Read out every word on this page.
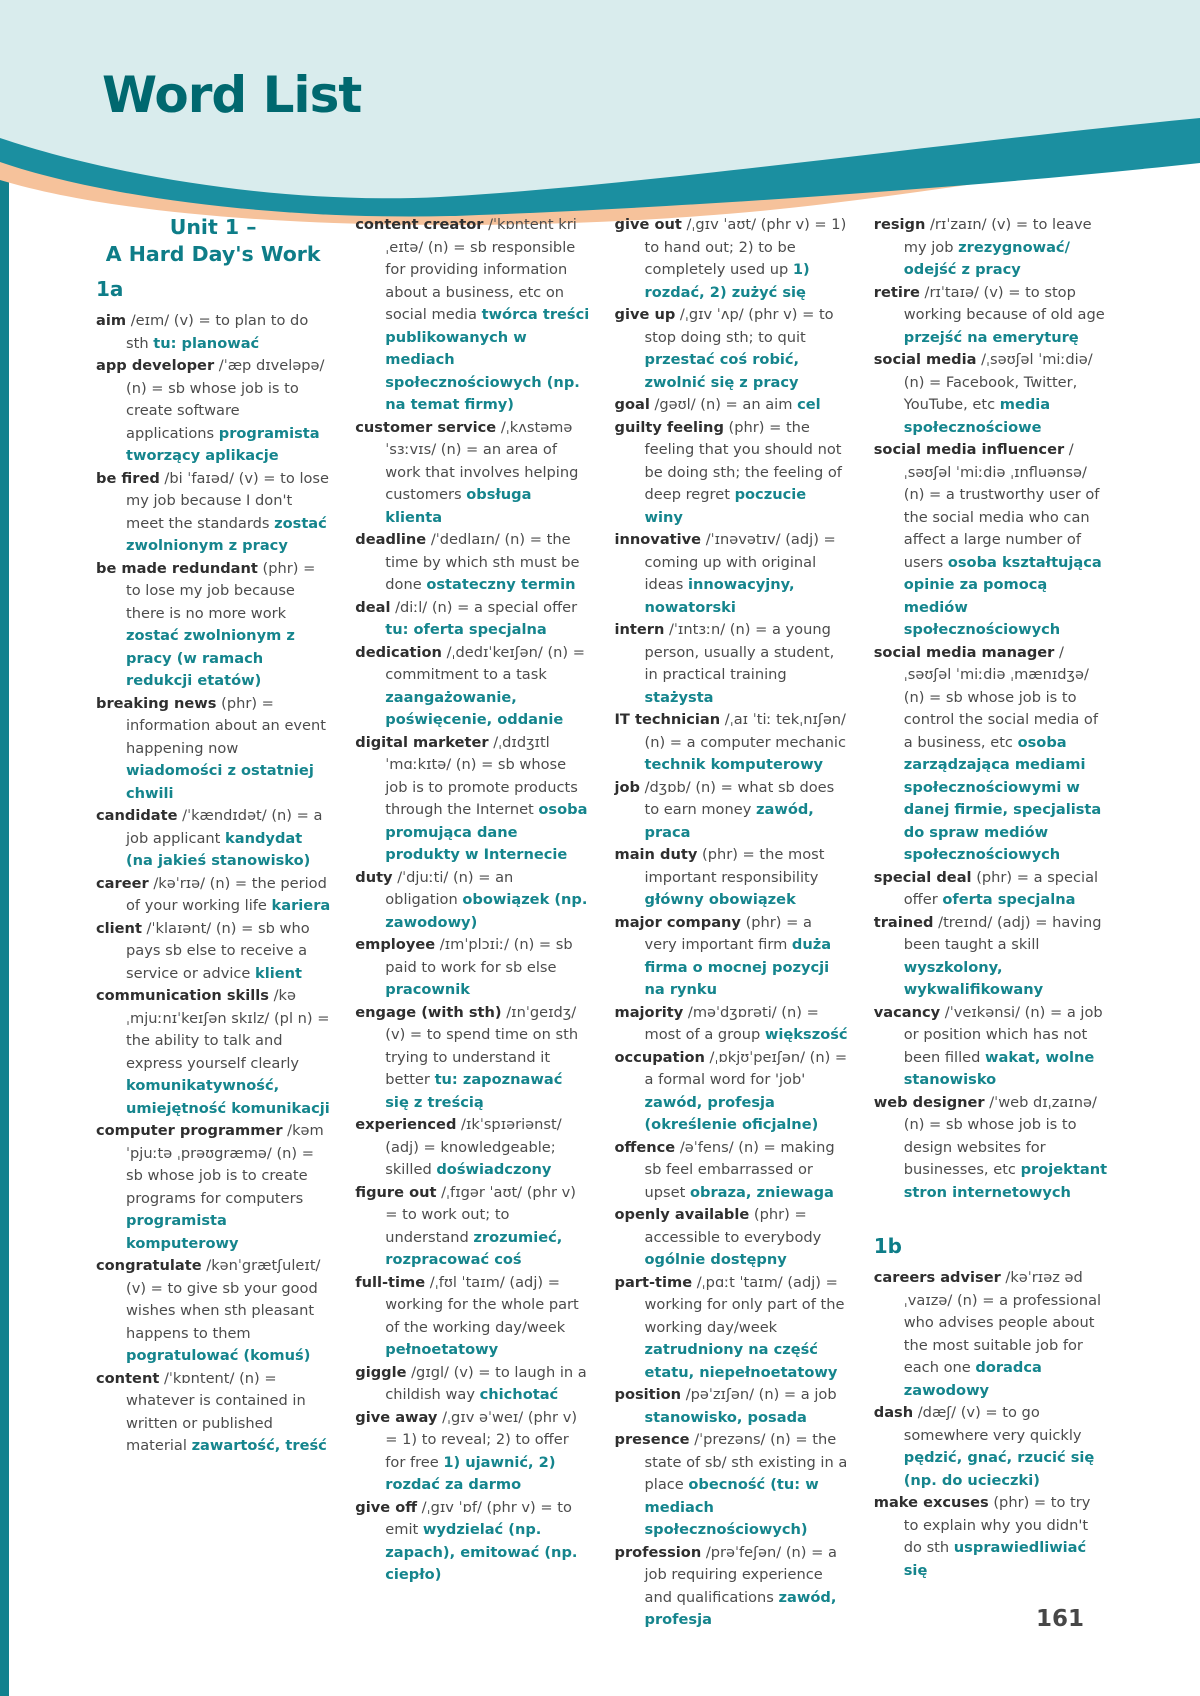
Word List
Unit 1 –
A Hard Day's Work
1a
aim /eɪm/ (v) = to plan to do sth tu: planować
app developer /ˈæp dɪveləpə/ (n) = sb whose job is to create software applications programista tworzący aplikacje
be fired /bi ˈfaɪəd/ (v) = to lose my job because I don't meet the standards zostać zwolnionym z pracy
be made redundant (phr) = to lose my job because there is no more work zostać zwolnionym z pracy (w ramach redukcji etatów)
breaking news (phr) = information about an event happening now wiadomości z ostatniej chwili
candidate /ˈkændɪdət/ (n) = a job applicant kandydat (na jakieś stanowisko)
career /kəˈrɪə/ (n) = the period of your working life kariera
client /ˈklaɪənt/ (n) = sb who pays sb else to receive a service or advice klient
communication skills /kəˌmjuːnɪˈkeɪʃən skɪlz/ (pl n) = the ability to talk and express yourself clearly komunikatywność, umiejętność komunikacji
computer programmer /kəmˈpjuːtə ˌprəʊgræmə/ (n) = sb whose job is to create programs for computers programista komputerowy
congratulate /kənˈgrætʃuleɪt/ (v) = to give sb your good wishes when sth pleasant happens to them pogratulować (komuś)
content /ˈkɒntent/ (n) = whatever is contained in written or published material zawartość, treść
content creator /ˈkɒntent kriˌeɪtə/ (n) = sb responsible for providing information about a business, etc on social media twórca treści publikowanych w mediach społecznościowych (np. na temat firmy)
customer service /ˌkʌstəmə ˈsɜːvɪs/ (n) = an area of work that involves helping customers obsługa klienta
deadline /ˈdedlaɪn/ (n) = the time by which sth must be done ostateczny termin
deal /diːl/ (n) = a special offer tu: oferta specjalna
dedication /ˌdedɪˈkeɪʃən/ (n) = commitment to a task zaangażowanie, poświęcenie, oddanie
digital marketer /ˌdɪdʒɪtl ˈmɑːkɪtə/ (n) = sb whose job is to promote products through the Internet osoba promująca dane produkty w Internecie
duty /ˈdjuːti/ (n) = an obligation obowiązek (np. zawodowy)
employee /ɪmˈplɔɪiː/ (n) = sb paid to work for sb else pracownik
engage (with sth) /ɪnˈgeɪdʒ/ (v) = to spend time on sth trying to understand it better tu: zapoznawać się z treścią
experienced /ɪkˈspɪəriənst/ (adj) = knowledgeable; skilled doświadczony
figure out /ˌfɪgər ˈaʊt/ (phr v) = to work out; to understand zrozumieć, rozpracować coś
full-time /ˌfʊl ˈtaɪm/ (adj) = working for the whole part of the working day/week pełnoetatowy
giggle /gɪgl/ (v) = to laugh in a childish way chichotać
give away /ˌgɪv əˈweɪ/ (phr v) = 1) to reveal; 2) to offer for free 1) ujawnić, 2) rozdać za darmo
give off /ˌgɪv ˈɒf/ (phr v) = to emit wydzielać (np. zapach), emitować (np. ciepło)
give out /ˌgɪv ˈaʊt/ (phr v) = 1) to hand out; 2) to be completely used up 1) rozdać, 2) zużyć się
give up /ˌgɪv ˈʌp/ (phr v) = to stop doing sth; to quit przestać coś robić, zwolnić się z pracy
goal /gəʊl/ (n) = an aim cel
guilty feeling (phr) = the feeling that you should not be doing sth; the feeling of deep regret poczucie winy
innovative /ˈɪnəvətɪv/ (adj) = coming up with original ideas innowacyjny, nowatorski
intern /ˈɪntɜːn/ (n) = a young person, usually a student, in practical training stażysta
IT technician /ˌaɪ ˈtiː tekˌnɪʃən/ (n) = a computer mechanic technik komputerowy
job /dʒɒb/ (n) = what sb does to earn money zawód, praca
main duty (phr) = the most important responsibility główny obowiązek
major company (phr) = a very important firm duża firma o mocnej pozycji na rynku
majority /məˈdʒɒrəti/ (n) = most of a group większość
occupation /ˌɒkjʊˈpeɪʃən/ (n) = a formal word for 'job' zawód, profesja (określenie oficjalne)
offence /əˈfens/ (n) = making sb feel embarrassed or upset obraza, zniewaga
openly available (phr) = accessible to everybody ogólnie dostępny
part-time /ˌpɑːt ˈtaɪm/ (adj) = working for only part of the working day/week zatrudniony na część etatu, niepełnoetatowy
position /pəˈzɪʃən/ (n) = a job stanowisko, posada
presence /ˈprezəns/ (n) = the state of sb/ sth existing in a place obecność (tu: w mediach społecznościowych)
profession /prəˈfeʃən/ (n) = a job requiring experience and qualifications zawód, profesja
resign /rɪˈzaɪn/ (v) = to leave my job zrezygnować/ odejść z pracy
retire /rɪˈtaɪə/ (v) = to stop working because of old age przejść na emeryturę
social media /ˌsəʊʃəl ˈmiːdiə/ (n) = Facebook, Twitter, YouTube, etc media społecznościowe
social media influencer /ˌsəʊʃəl ˈmiːdiə ˌɪnfluənsə/ (n) = a trustworthy user of the social media who can affect a large number of users osoba kształtująca opinie za pomocą mediów społecznościowych
social media manager /ˌsəʊʃəl ˈmiːdiə ˌmænɪdʒə/ (n) = sb whose job is to control the social media of a business, etc osoba zarządzająca mediami społecznościowymi w danej firmie, specjalista do spraw mediów społecznościowych
special deal (phr) = a special offer oferta specjalna
trained /treɪnd/ (adj) = having been taught a skill wyszkolony, wykwalifikowany
vacancy /ˈveɪkənsi/ (n) = a job or position which has not been filled wakat, wolne stanowisko
web designer /ˈweb dɪˌzaɪnə/ (n) = sb whose job is to design websites for businesses, etc projektant stron internetowych
1b
careers adviser /kəˈrɪəz ədˌvaɪzə/ (n) = a professional who advises people about the most suitable job for each one doradca zawodowy
dash /dæʃ/ (v) = to go somewhere very quickly pędzić, gnać, rzucić się (np. do ucieczki)
make excuses (phr) = to try to explain why you didn't do sth usprawiedliwiać się
161
